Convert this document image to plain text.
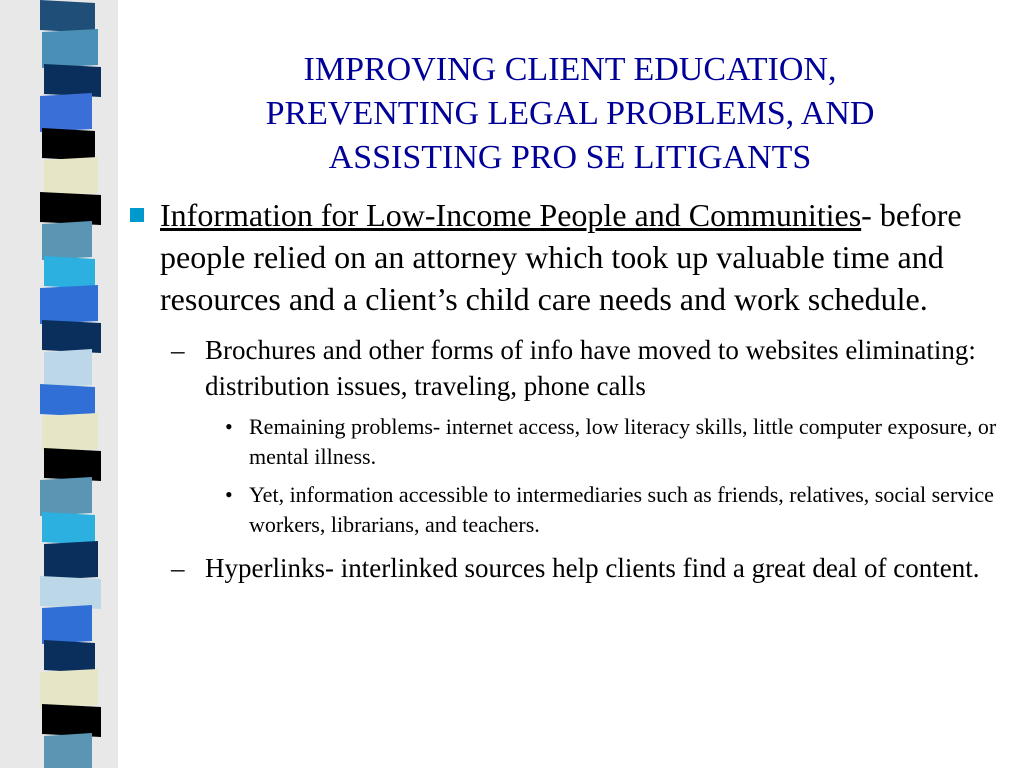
IMPROVING CLIENT EDUCATION,
PREVENTING LEGAL PROBLEMS, AND
ASSISTING PRO SE LITIGANTS
Information for Low-Income People and Communities- before people relied on an attorney which took up valuable time and resources and a client’s child care needs and work schedule.
– Brochures and other forms of info have moved to websites eliminating: distribution issues, traveling, phone calls
• Remaining problems- internet access, low literacy skills, little computer exposure, or mental illness.
• Yet, information accessible to intermediaries such as friends, relatives, social service workers, librarians, and teachers.
– Hyperlinks- interlinked sources help clients find a great deal of content.
